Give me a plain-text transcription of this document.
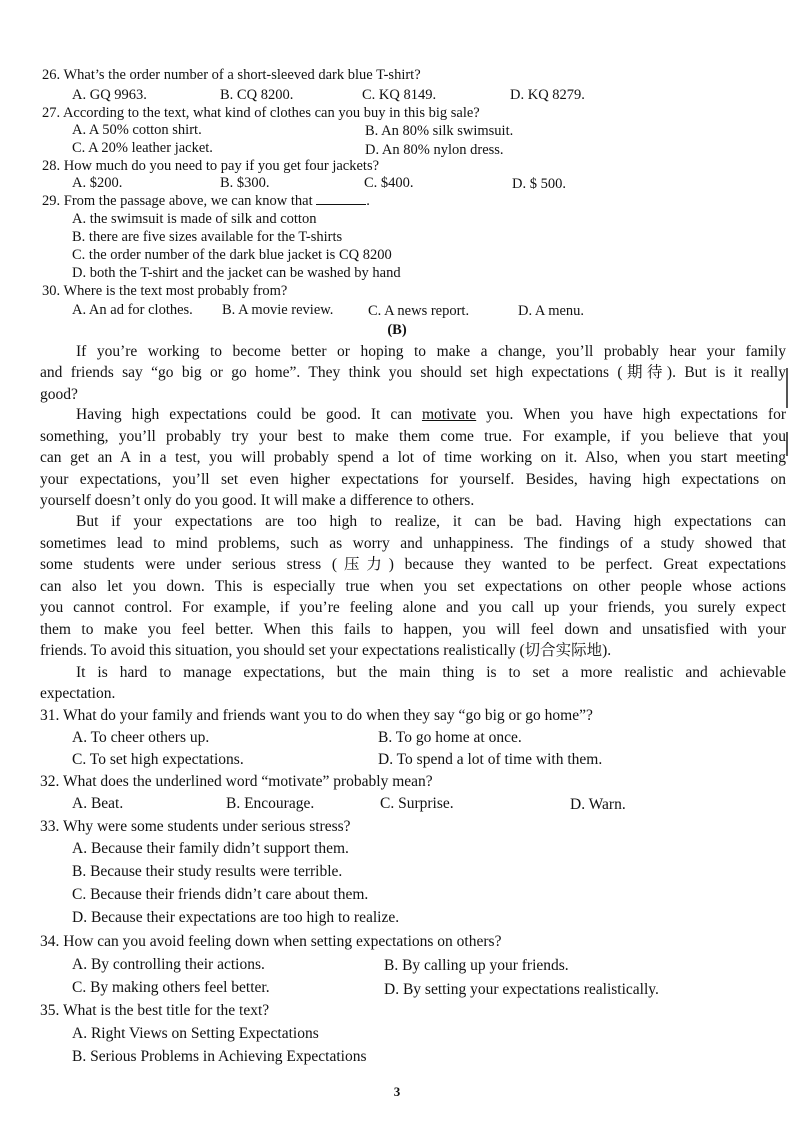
26. What’s the order number of a short-sleeved dark blue T-shirt?
A. GQ 9963.	B. CQ 8200.	C. KQ 8149.	D. KQ 8279.
27. According to the text, what kind of clothes can you buy in this big sale?
A. A 50% cotton shirt.	B. An 80% silk swimsuit.
C. A 20% leather jacket.	D. An 80% nylon dress.
28. How much do you need to pay if you get four jackets?
A. $200.	B. $300.	C. $400.	D. $ 500.
29. From the passage above, we can know that	.
A. the swimsuit is made of silk and cotton
B. there are five sizes available for the T-shirts
C. the order number of the dark blue jacket is CQ 8200
D. both the T-shirt and the jacket can be washed by hand
30. Where is the text most probably from?
A. An ad for clothes. B. A movie review. C. A news report.	D. A menu.
(B)
If you’re working to become better or hoping to make a change, you’ll probably hear your family
and friends say “go big or go home”. They think you should set high expectations (期待). But is it really
good?
Having high expectations could be good. It can motivate you. When you have high expectations for
something, you’ll probably try your best to make them come true. For example, if you believe that you
can get an A in a test, you will probably spend a lot of time working on it. Also, when you start meeting
your expectations, you’ll set even higher expectations for yourself. Besides, having high expectations on
yourself doesn’t only do you good. It will make a difference to others.
But if your expectations are too high to realize, it can be bad. Having high expectations can
sometimes lead to mind problems, such as worry and unhappiness. The findings of a study showed that
some students were under serious stress (压力) because they wanted to be perfect. Great expectations
can also let you down. This is especially true when you set expectations on other people whose actions
you cannot control. For example, if you’re feeling alone and you call up your friends, you surely expect
them to make you feel better. When this fails to happen, you will feel down and unsatisfied with your
friends. To avoid this situation, you should set your expectations realistically (切合实际地).
It is hard to manage expectations, but the main thing is to set a more realistic and achievable
expectation.
31. What do your family and friends want you to do when they say “go big or go home”?
A. To cheer others up.	B. To go home at once.
C. To set high expectations.	D. To spend a lot of time with them.
32. What does the underlined word “motivate” probably mean?
A. Beat.	B. Encourage.	C. Surprise.	D. Warn.
33. Why were some students under serious stress?
A. Because their family didn’t support them.
B. Because their study results were terrible.
C. Because their friends didn’t care about them.
D. Because their expectations are too high to realize.
34. How can you avoid feeling down when setting expectations on others?
A. By controlling their actions.	B. By calling up your friends.
C. By making others feel better.	D. By setting your expectations realistically.
35. What is the best title for the text?
A. Right Views on Setting Expectations
B. Serious Problems in Achieving Expectations
3
